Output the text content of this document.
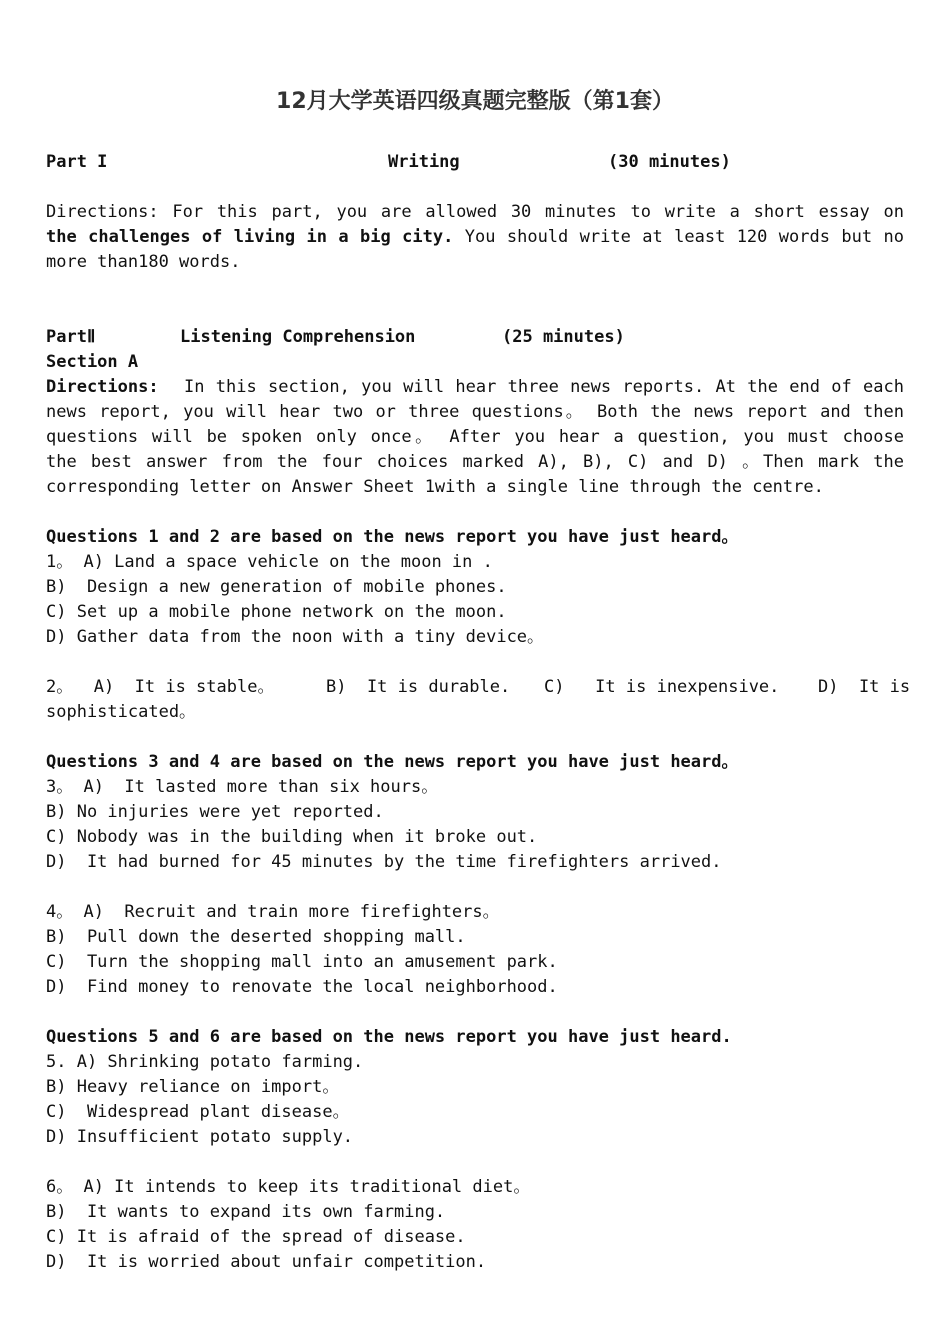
12月大学英语四级真题完整版（第1套）
Part I	Writing	(30 minutes)
Directions: For this part, you are allowed 30 minutes to write a short essay on
the challenges of living in a big city. You should write at least 120 words but no
more than180 words.
PartⅡ	Listening Comprehension	(25 minutes)
Section A
Directions: In this section, you will hear three news reports. At the end of each
news report, you will hear two or three questions。 Both the news report and then
questions will be spoken only once。 After you hear a question, you must choose
the best answer from the four choices marked A), B), C) and D) 。Then mark the
corresponding letter on Answer Sheet 1with a single line through the centre.
Questions 1 and 2 are based on the news report you have just heard。
1。 A) Land a space vehicle on the moon in .
B)  Design a new generation of mobile phones.
C) Set up a mobile phone network on the moon.
D) Gather data from the noon with a tiny device。
2。  A)  It is stable。	B)  It is durable. C)   It is inexpensive. D)  It is
sophisticated。
Questions 3 and 4 are based on the news report you have just heard。
3。 A)  It lasted more than six hours。
B) No injuries were yet reported.
C) Nobody was in the building when it broke out.
D)  It had burned for 45 minutes by the time firefighters arrived.
4。 A)  Recruit and train more firefighters。
B)  Pull down the deserted shopping mall.
C)  Turn the shopping mall into an amusement park.
D)  Find money to renovate the local neighborhood.
Questions 5 and 6 are based on the news report you have just heard.
5. A) Shrinking potato farming.
B) Heavy reliance on import。
C)  Widespread plant disease。
D) Insufficient potato supply.
6。 A) It intends to keep its traditional diet。
B)  It wants to expand its own farming.
C) It is afraid of the spread of disease.
D)  It is worried about unfair competition.
